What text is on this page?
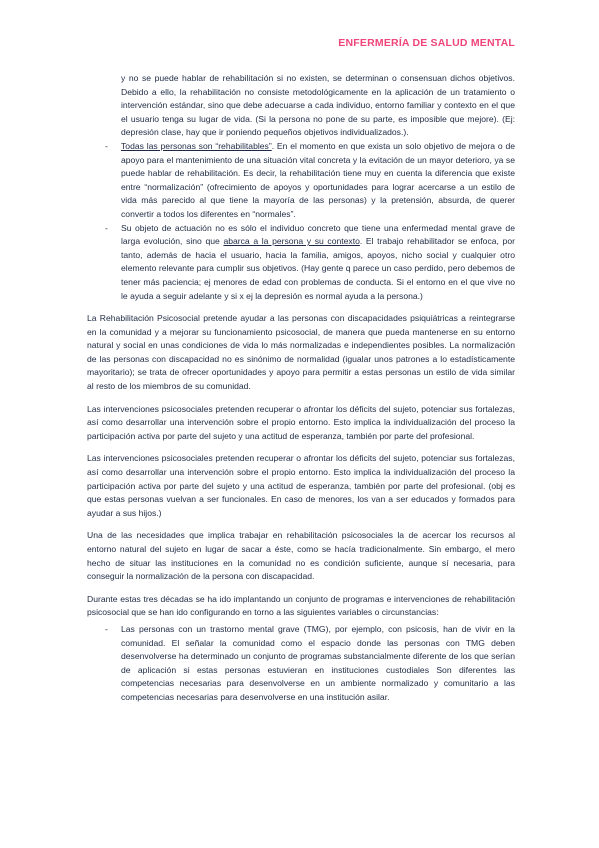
ENFERMERÍA DE SALUD MENTAL

y no se puede hablar de rehabilitación si no existen, se determinan o consensuan dichos objetivos. Debido a ello, la rehabilitación no consiste metodológicamente en la aplicación de un tratamiento o intervención estándar, sino que debe adecuarse a cada individuo, entorno familiar y contexto en el que el usuario tenga su lugar de vida. (Si la persona no pone de su parte, es imposible que mejore). (Ej: depresión clase, hay que ir poniendo pequeños objetivos individualizados.).

- Todas las personas son “rehabilitables”. En el momento en que exista un solo objetivo de mejora o de apoyo para el mantenimiento de una situación vital concreta y la evitación de un mayor deterioro, ya se puede hablar de rehabilitación. Es decir, la rehabilitación tiene muy en cuenta la diferencia que existe entre “normalización” (ofrecimiento de apoyos y oportunidades para lograr acercarse a un estilo de vida más parecido al que tiene la mayoría de las personas) y la pretensión, absurda, de querer convertir a todos los diferentes en “normales”.
- Su objeto de actuación no es sólo el individuo concreto que tiene una enfermedad mental grave de larga evolución, sino que abarca a la persona y su contexto. El trabajo rehabilitador se enfoca, por tanto, además de hacia el usuario, hacia la familia, amigos, apoyos, nicho social y cualquier otro elemento relevante para cumplir sus objetivos. (Hay gente q parece un caso perdido, pero debemos de tener más paciencia; ej menores de edad con problemas de conducta. Si el entorno en el que vive no le ayuda a seguir adelante y si x ej la depresión es normal ayuda a la persona.)

La Rehabilitación Psicosocial pretende ayudar a las personas con discapacidades psiquiátricas a reintegrarse en la comunidad y a mejorar su funcionamiento psicosocial, de manera que pueda mantenerse en su entorno natural y social en unas condiciones de vida lo más normalizadas e independientes posibles. La normalización de las personas con discapacidad no es sinónimo de normalidad (igualar unos patrones a lo estadísticamente mayoritario); se trata de ofrecer oportunidades y apoyo para permitir a estas personas un estilo de vida similar al resto de los miembros de su comunidad.

Las intervenciones psicosociales pretenden recuperar o afrontar los déficits del sujeto, potenciar sus fortalezas, así como desarrollar una intervención sobre el propio entorno. Esto implica la individualización del proceso la participación activa por parte del sujeto y una actitud de esperanza, también por parte del profesional.

Las intervenciones psicosociales pretenden recuperar o afrontar los déficits del sujeto, potenciar sus fortalezas, así como desarrollar una intervención sobre el propio entorno. Esto implica la individualización del proceso la participación activa por parte del sujeto y una actitud de esperanza, también por parte del profesional. (obj es que estas personas vuelvan a ser funcionales. En caso de menores, los van a ser educados y formados para ayudar a sus hijos.)

Una de las necesidades que implica trabajar en rehabilitación psicosociales la de acercar los recursos al entorno natural del sujeto en lugar de sacar a éste, como se hacía tradicionalmente. Sin embargo, el mero hecho de situar las instituciones en la comunidad no es condición suficiente, aunque sí necesaria, para conseguir la normalización de la persona con discapacidad.

Durante estas tres décadas se ha ido implantando un conjunto de programas e intervenciones de rehabilitación psicosocial que se han ido configurando en torno a las siguientes variables o circunstancias:

- Las personas con un trastorno mental grave (TMG), por ejemplo, con psicosis, han de vivir en la comunidad. El señalar la comunidad como el espacio donde las personas con TMG deben desenvolverse ha determinado un conjunto de programas substancialmente diferente de los que serían de aplicación si estas personas estuvieran en instituciones custodiales Son diferentes las competencias necesarias para desenvolverse en un ambiente normalizado y comunitario a las competencias necesarias para desenvolverse en una institución asilar.
